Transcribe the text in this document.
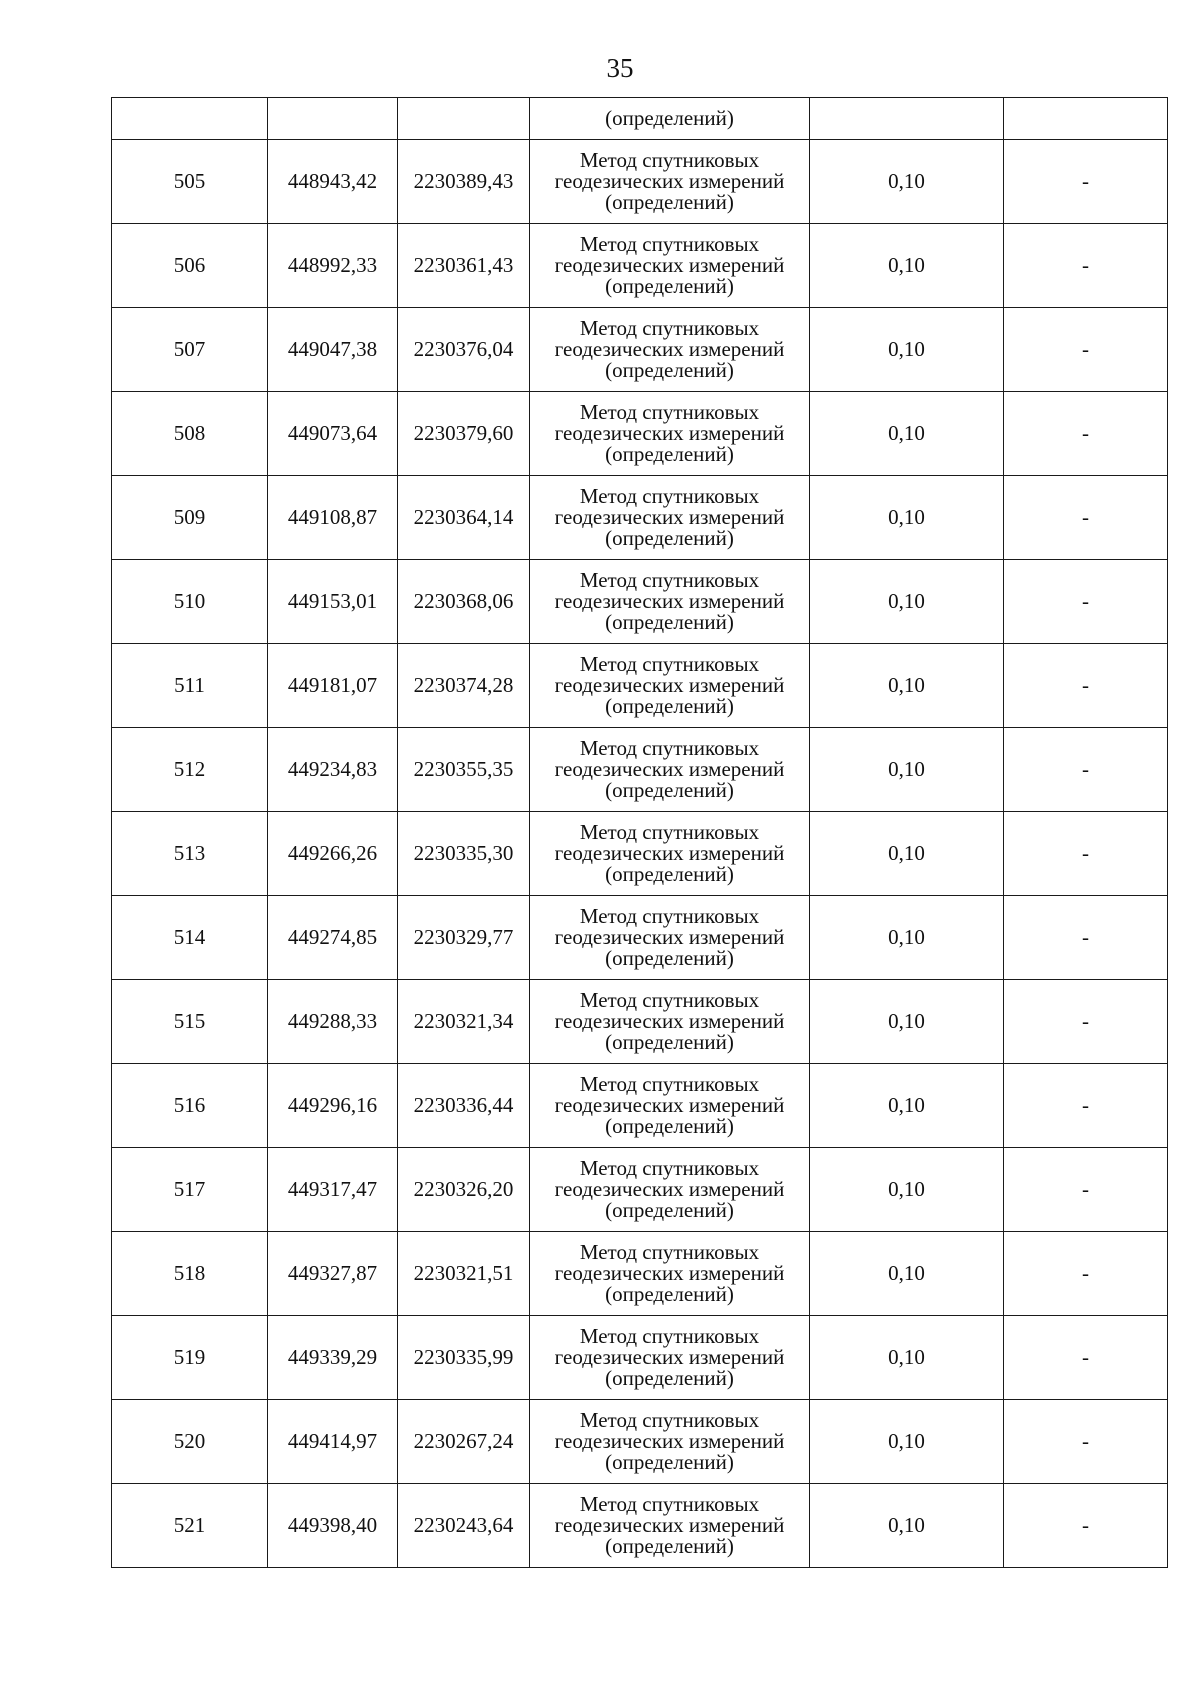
35
			(определений)		
505	448943,42	2230389,43	Метод спутниковых
геодезических измерений
(определений)	0,10	-
506	448992,33	2230361,43	Метод спутниковых
геодезических измерений
(определений)	0,10	-
507	449047,38	2230376,04	Метод спутниковых
геодезических измерений
(определений)	0,10	-
508	449073,64	2230379,60	Метод спутниковых
геодезических измерений
(определений)	0,10	-
509	449108,87	2230364,14	Метод спутниковых
геодезических измерений
(определений)	0,10	-
510	449153,01	2230368,06	Метод спутниковых
геодезических измерений
(определений)	0,10	-
511	449181,07	2230374,28	Метод спутниковых
геодезических измерений
(определений)	0,10	-
512	449234,83	2230355,35	Метод спутниковых
геодезических измерений
(определений)	0,10	-
513	449266,26	2230335,30	Метод спутниковых
геодезических измерений
(определений)	0,10	-
514	449274,85	2230329,77	Метод спутниковых
геодезических измерений
(определений)	0,10	-
515	449288,33	2230321,34	Метод спутниковых
геодезических измерений
(определений)	0,10	-
516	449296,16	2230336,44	Метод спутниковых
геодезических измерений
(определений)	0,10	-
517	449317,47	2230326,20	Метод спутниковых
геодезических измерений
(определений)	0,10	-
518	449327,87	2230321,51	Метод спутниковых
геодезических измерений
(определений)	0,10	-
519	449339,29	2230335,99	Метод спутниковых
геодезических измерений
(определений)	0,10	-
520	449414,97	2230267,24	Метод спутниковых
геодезических измерений
(определений)	0,10	-
521	449398,40	2230243,64	Метод спутниковых
геодезических измерений
(определений)	0,10	-
